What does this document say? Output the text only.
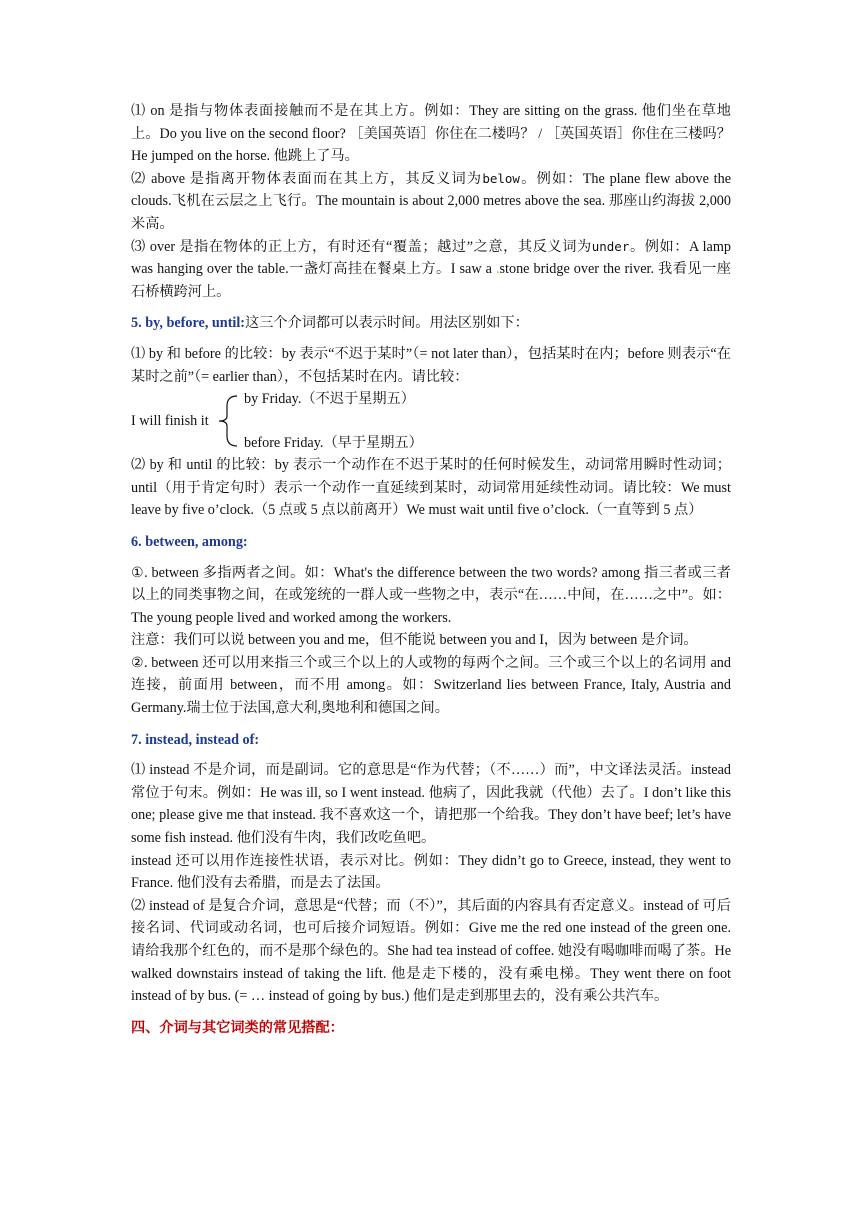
⑴ on 是指与物体表面接触而不是在其上方。例如：They are sitting on the grass. 他们坐在草地上。Do you live on the second floor? ［美国英语］你住在二楼吗？ / ［英国英语］你住在三楼吗？He jumped on the horse. 他跳上了马。

⑵ above 是指离开物体表面而在其上方，其反义词为below。例如：The plane flew above the clouds.飞机在云层之上飞行。The mountain is about 2,000 metres above the sea. 那座山约海拔 2,000 米高。

⑶ over 是指在物体的正上方，有时还有“覆盖；越过”之意，其反义词为under。例如：A lamp was hanging over the table.一盏灯高挂在餐桌上方。I saw a .stone bridge over the river. 我看见一座石桥横跨河上。

5. by, before, until:这三个介词都可以表示时间。用法区别如下：

⑴ by 和 before 的比较：by 表示“不迟于某时”（= not later than），包括某时在内；before 则表示“在某时之前”（= earlier than），不包括某时在内。请比较：

I will finish it
by Friday.（不迟于星期五）
before Friday.（早于星期五）

⑵ by 和 until 的比较：by 表示一个动作在不迟于某时的任何时候发生，动词常用瞬时性动词；until（用于肯定句时）表示一个动作一直延续到某时，动词常用延续性动词。请比较：We must leave by five o’clock.（5 点或 5 点以前离开）We must wait until five o’clock.（一直等到 5 点）

6. between, among:

①. between 多指两者之间。如：What's the difference between the two words? among 指三者或三者以上的同类事物之间，在或笼统的一群人或一些物之中，表示“在……中间，在……之中”。如：The young people lived and worked among the workers.

注意：我们可以说 between you and me，但不能说 between you and I，因为 between 是介词。

②. between 还可以用来指三个或三个以上的人或物的每两个之间。三个或三个以上的名词用 and 连接，前面用 between，而不用 among。如：Switzerland lies between France, Italy, Austria and Germany.瑞士位于法国,意大利,奥地利和德国之间。

7. instead, instead of:

⑴ instead 不是介词，而是副词。它的意思是“作为代替；（不……）而”，中文译法灵活。instead 常位于句末。例如：He was ill, so I went instead. 他病了，因此我就（代他）去了。I don’t like this one; please give me that instead. 我不喜欢这一个，请把那一个给我。They don’t have beef; let’s have some fish instead. 他们没有牛肉，我们改吃鱼吧。

instead 还可以用作连接性状语，表示对比。例如：They didn’t go to Greece, instead, they went to France. 他们没有去希腊，而是去了法国。

⑵ instead of 是复合介词，意思是“代替；而（不）”，其后面的内容具有否定意义。instead of 可后接名词、代词或动名词，也可后接介词短语。例如：Give me the red one instead of the green one. 请给我那个红色的，而不是那个绿色的。She had tea instead of coffee. 她没有喝咖啡而喝了茶。He walked downstairs instead of taking the lift. 他是走下楼的，没有乘电梯。They went there on foot instead of by bus. (= … instead of going by bus.) 他们是走到那里去的，没有乘公共汽车。

四、介词与其它词类的常见搭配：
